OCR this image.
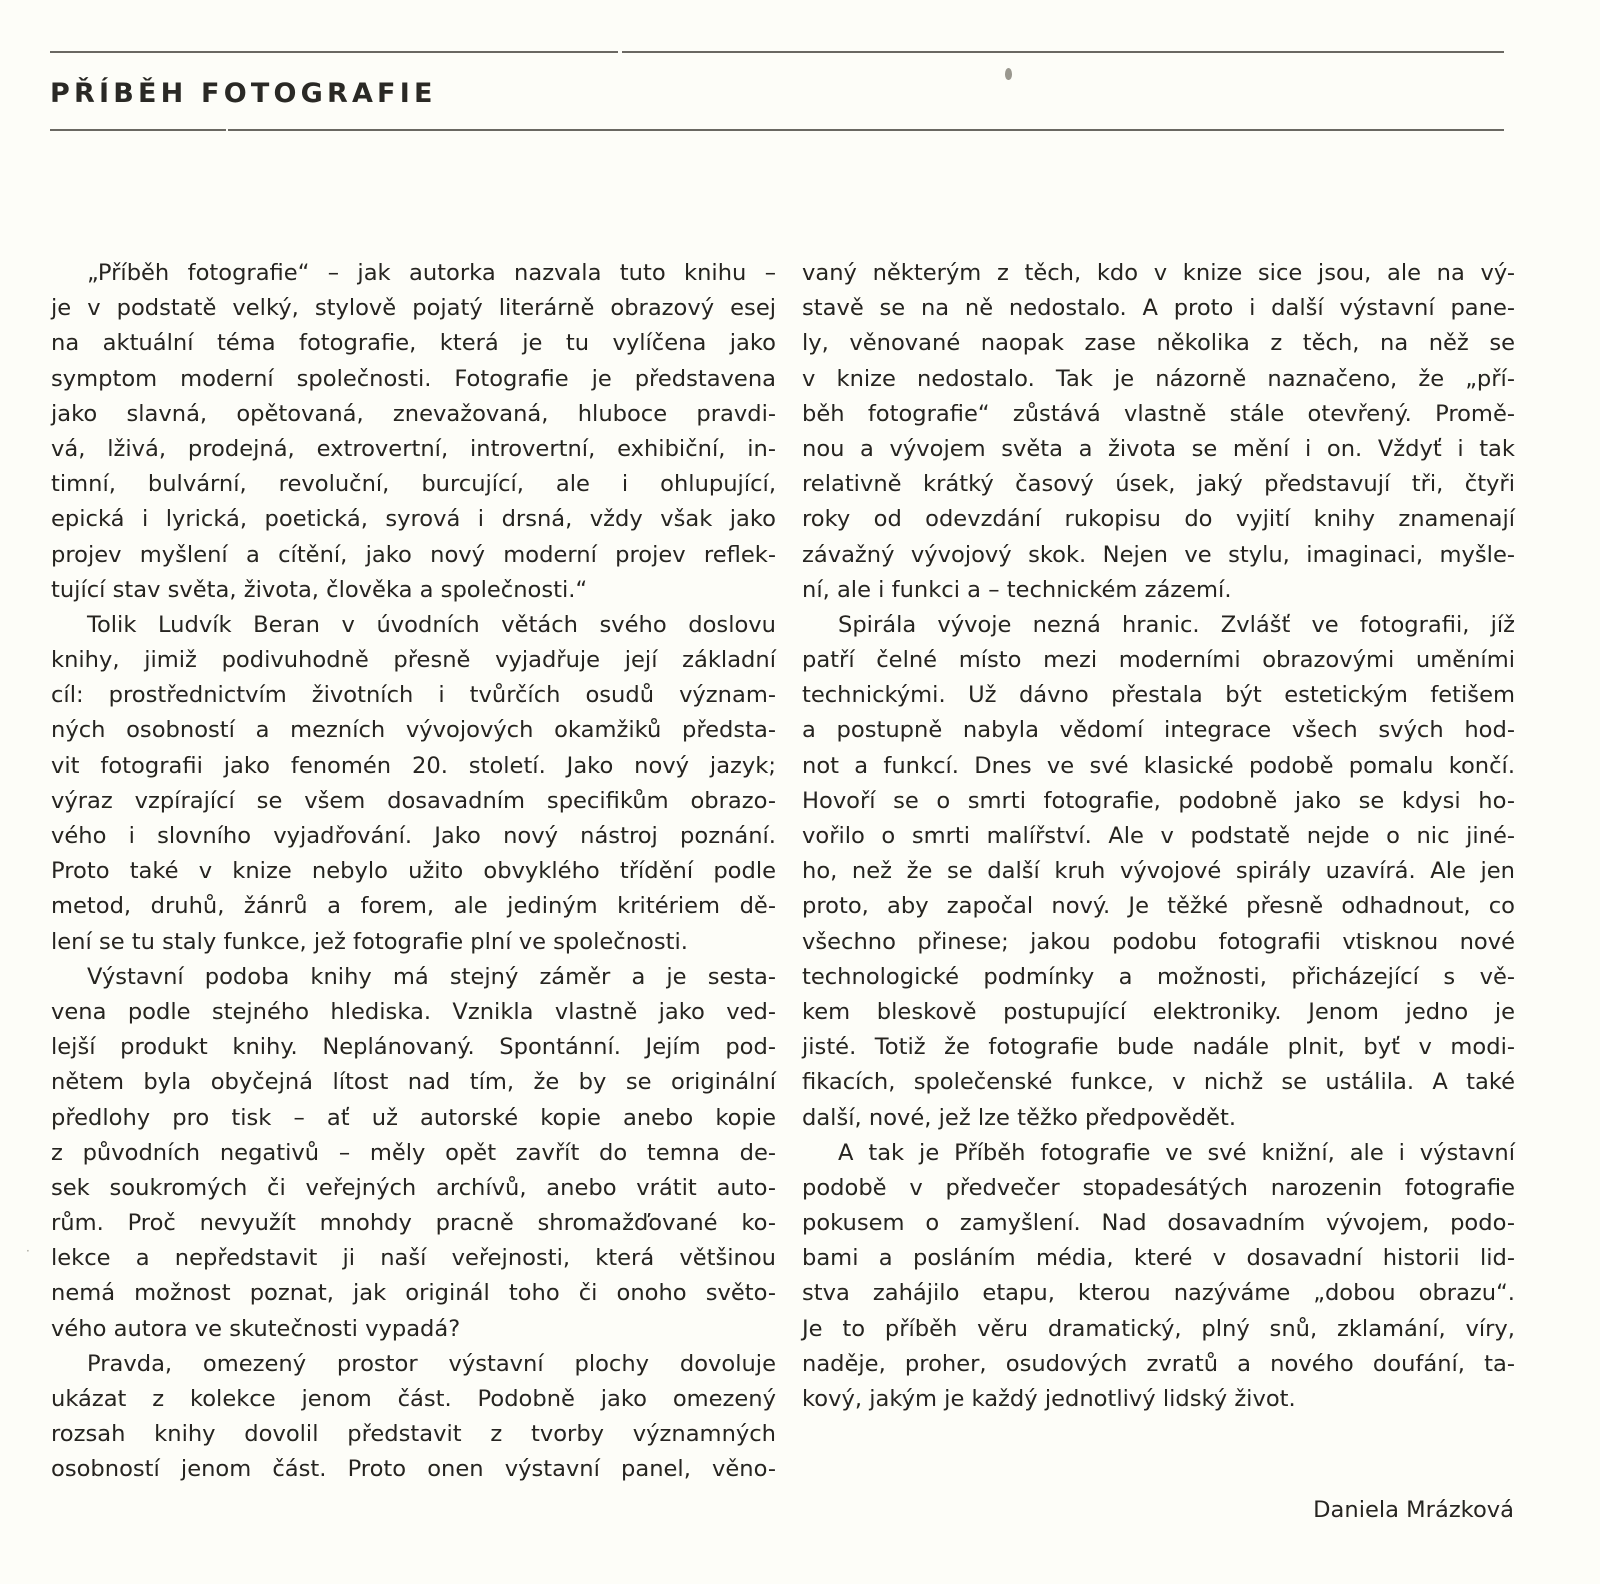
PŘÍBĚH FOTOGRAFIE
„Příběh fotografie“ – jak autorka nazvala tuto knihu –
je v podstatě velký, stylově pojatý literárně obrazový esej
na aktuální téma fotografie, která je tu vylíčena jako
symptom moderní společnosti. Fotografie je představena
jako slavná, opětovaná, znevažovaná, hluboce pravdi-
vá, lživá, prodejná, extrovertní, introvertní, exhibiční, in-
timní, bulvární, revoluční, burcující, ale i ohlupující,
epická i lyrická, poetická, syrová i drsná, vždy však jako
projev myšlení a cítění, jako nový moderní projev reflek-
tující stav světa, života, člověka a společnosti.“
Tolik Ludvík Beran v úvodních větách svého doslovu
knihy, jimiž podivuhodně přesně vyjadřuje její základní
cíl: prostřednictvím životních i tvůrčích osudů význam-
ných osobností a mezních vývojových okamžiků předsta-
vit fotografii jako fenomén 20. století. Jako nový jazyk;
výraz vzpírající se všem dosavadním specifikům obrazo-
vého i slovního vyjadřování. Jako nový nástroj poznání.
Proto také v knize nebylo užito obvyklého třídění podle
metod, druhů, žánrů a forem, ale jediným kritériem dě-
lení se tu staly funkce, jež fotografie plní ve společnosti.
Výstavní podoba knihy má stejný záměr a je sesta-
vena podle stejného hlediska. Vznikla vlastně jako ved-
lejší produkt knihy. Neplánovaný. Spontánní. Jejím pod-
nětem byla obyčejná lítost nad tím, že by se originální
předlohy pro tisk – ať už autorské kopie anebo kopie
z původních negativů – měly opět zavřít do temna de-
sek soukromých či veřejných archívů, anebo vrátit auto-
rům. Proč nevyužít mnohdy pracně shromažďované ko-
lekce a nepředstavit ji naší veřejnosti, která většinou
nemá možnost poznat, jak originál toho či onoho světo-
vého autora ve skutečnosti vypadá?
Pravda, omezený prostor výstavní plochy dovoluje
ukázat z kolekce jenom část. Podobně jako omezený
rozsah knihy dovolil představit z tvorby významných
osobností jenom část. Proto onen výstavní panel, věno-
vaný některým z těch, kdo v knize sice jsou, ale na vý-
stavě se na ně nedostalo. A proto i další výstavní pane-
ly, věnované naopak zase několika z těch, na něž se
v knize nedostalo. Tak je názorně naznačeno, že „pří-
běh fotografie“ zůstává vlastně stále otevřený. Promě-
nou a vývojem světa a života se mění i on. Vždyť i tak
relativně krátký časový úsek, jaký představují tři, čtyři
roky od odevzdání rukopisu do vyjití knihy znamenají
závažný vývojový skok. Nejen ve stylu, imaginaci, myšle-
ní, ale i funkci a – technickém zázemí.
Spirála vývoje nezná hranic. Zvlášť ve fotografii, jíž
patří čelné místo mezi moderními obrazovými uměními
technickými. Už dávno přestala být estetickým fetišem
a postupně nabyla vědomí integrace všech svých hod-
not a funkcí. Dnes ve své klasické podobě pomalu končí.
Hovoří se o smrti fotografie, podobně jako se kdysi ho-
vořilo o smrti malířství. Ale v podstatě nejde o nic jiné-
ho, než že se další kruh vývojové spirály uzavírá. Ale jen
proto, aby započal nový. Je těžké přesně odhadnout, co
všechno přinese; jakou podobu fotografii vtisknou nové
technologické podmínky a možnosti, přicházející s vě-
kem bleskově postupující elektroniky. Jenom jedno je
jisté. Totiž že fotografie bude nadále plnit, byť v modi-
fikacích, společenské funkce, v nichž se ustálila. A také
další, nové, jež lze těžko předpovědět.
A tak je Příběh fotografie ve své knižní, ale i výstavní
podobě v předvečer stopadesátých narozenin fotografie
pokusem o zamyšlení. Nad dosavadním vývojem, podo-
bami a posláním média, které v dosavadní historii lid-
stva zahájilo etapu, kterou nazýváme „dobou obrazu“.
Je to příběh věru dramatický, plný snů, zklamání, víry,
naděje, proher, osudových zvratů a nového doufání, ta-
kový, jakým je každý jednotlivý lidský život.
·
Daniela Mrázková
